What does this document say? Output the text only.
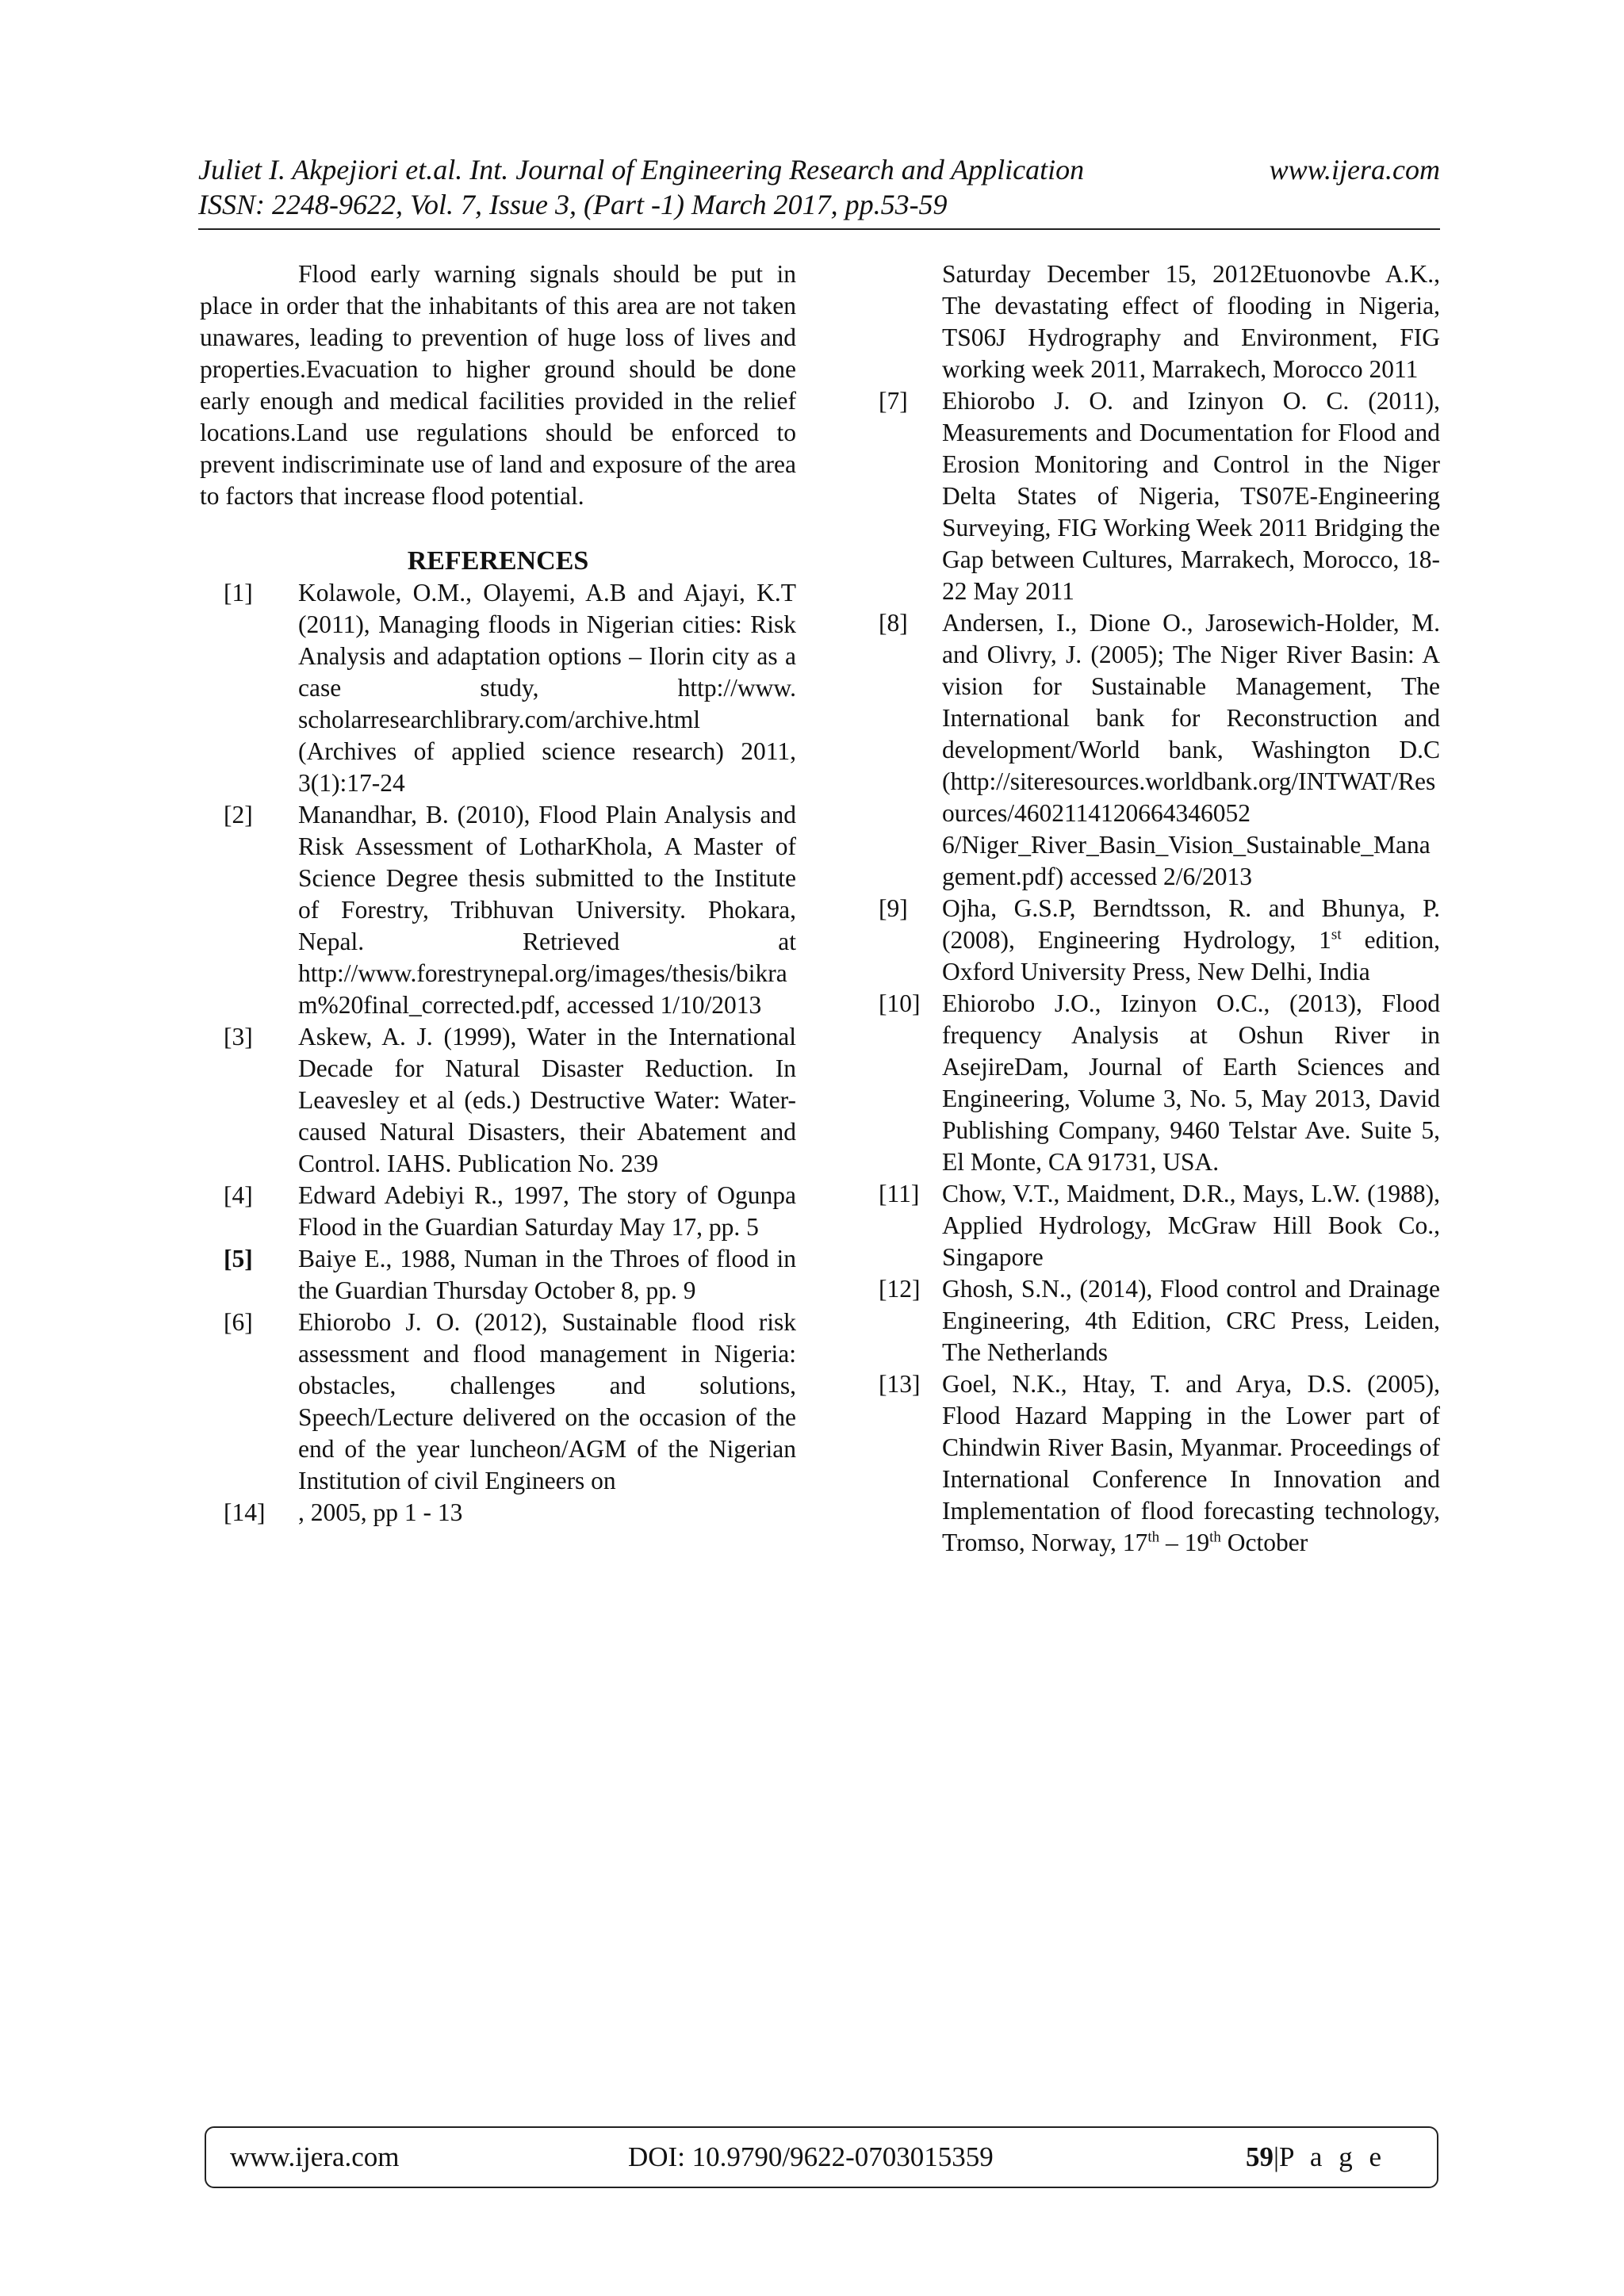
Juliet I. Akpejiori et.al. Int. Journal of Engineering Research and Application	www.ijera.com
ISSN: 2248-9622, Vol. 7, Issue 3, (Part -1) March 2017, pp.53-59

Flood early warning signals should be put in place in order that the inhabitants of this area are not taken unawares, leading to prevention of huge loss of lives and properties.Evacuation to higher ground should be done early enough and medical facilities provided in the relief locations.Land use regulations should be enforced to prevent indiscriminate use of land and exposure of the area to factors that increase flood potential.

REFERENCES
[1]	Kolawole, O.M., Olayemi, A.B and Ajayi, K.T (2011), Managing floods in Nigerian cities: Risk Analysis and adaptation options – Ilorin city as a case study, http://www. scholarresearchlibrary.com/archive.html (Archives of applied science research) 2011, 3(1):17-24
[2]	Manandhar, B. (2010), Flood Plain Analysis and Risk Assessment of LotharKhola, A Master of Science Degree thesis submitted to the Institute of Forestry, Tribhuvan University. Phokara, Nepal. Retrieved at http://www.forestrynepal.org/images/thesis/bikram%20final_corrected.pdf, accessed 1/10/2013
[3]	Askew, A. J. (1999), Water in the International Decade for Natural Disaster Reduction. In Leavesley et al (eds.) Destructive Water: Water-caused Natural Disasters, their Abatement and Control. IAHS. Publication No. 239
[4]	Edward Adebiyi R., 1997, The story of Ogunpa Flood in the Guardian Saturday May 17, pp. 5
[5]	Baiye E., 1988, Numan in the Throes of flood in the Guardian Thursday October 8, pp. 9
[6]	Ehiorobo J. O. (2012), Sustainable flood risk assessment and flood management in Nigeria: obstacles, challenges and solutions, Speech/Lecture delivered on the occasion of the end of the year luncheon/AGM of the Nigerian Institution of civil Engineers on
[14]	, 2005, pp 1 - 13
Saturday December 15, 2012Etuonovbe A.K., The devastating effect of flooding in Nigeria, TS06J Hydrography and Environment, FIG working week 2011, Marrakech, Morocco 2011
[7]	Ehiorobo J. O. and Izinyon O. C. (2011), Measurements and Documentation for Flood and Erosion Monitoring and Control in the Niger Delta States of Nigeria, TS07E-Engineering Surveying, FIG Working Week 2011 Bridging the Gap between Cultures, Marrakech, Morocco, 18-22 May 2011
[8]	Andersen, I., Dione O., Jarosewich-Holder, M. and Olivry, J. (2005); The Niger River Basin: A vision for Sustainable Management, The International bank for Reconstruction and development/World bank, Washington D.C (http://siteresources.worldbank.org/INTWAT/Resources/4602114120664346052 6/Niger_River_Basin_Vision_Sustainable_Management.pdf) accessed 2/6/2013
[9]	Ojha, G.S.P, Berndtsson, R. and Bhunya, P. (2008), Engineering Hydrology, 1st edition, Oxford University Press, New Delhi, India
[10] Ehiorobo J.O., Izinyon O.C., (2013), Flood frequency Analysis at Oshun River in AsejireDam, Journal of Earth Sciences and Engineering, Volume 3, No. 5, May 2013, David Publishing Company, 9460 Telstar Ave. Suite 5, El Monte, CA 91731, USA.
[11] Chow, V.T., Maidment, D.R., Mays, L.W. (1988), Applied Hydrology, McGraw Hill Book Co., Singapore
[12] Ghosh, S.N., (2014), Flood control and Drainage Engineering, 4th Edition, CRC Press, Leiden, The Netherlands
[13] Goel, N.K., Htay, T. and Arya, D.S. (2005), Flood Hazard Mapping in the Lower part of Chindwin River Basin, Myanmar. Proceedings of International Conference In Innovation and Implementation of flood forecasting technology, Tromso, Norway, 17th – 19th October
www.ijera.com	DOI: 10.9790/9622-0703015359	59|P a g e
